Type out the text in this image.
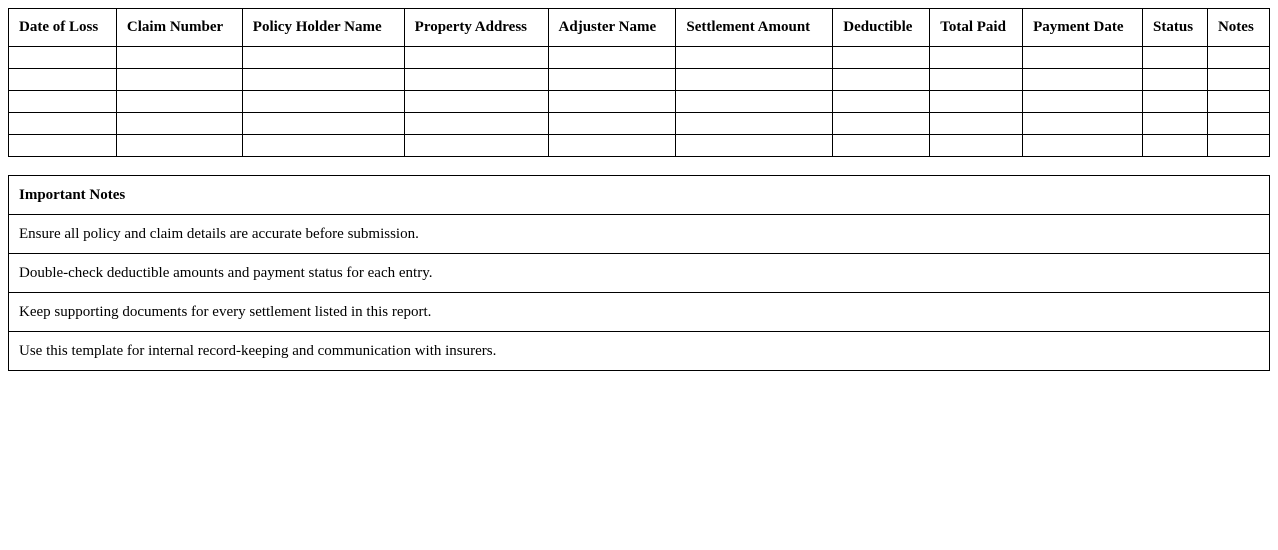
Date of Loss	Claim Number	Policy Holder Name	Property Address	Adjuster Name	Settlement Amount	Deductible	Total Paid	Payment Date	Status	Notes

Important Notes
Ensure all policy and claim details are accurate before submission.
Double-check deductible amounts and payment status for each entry.
Keep supporting documents for every settlement listed in this report.
Use this template for internal record-keeping and communication with insurers.
